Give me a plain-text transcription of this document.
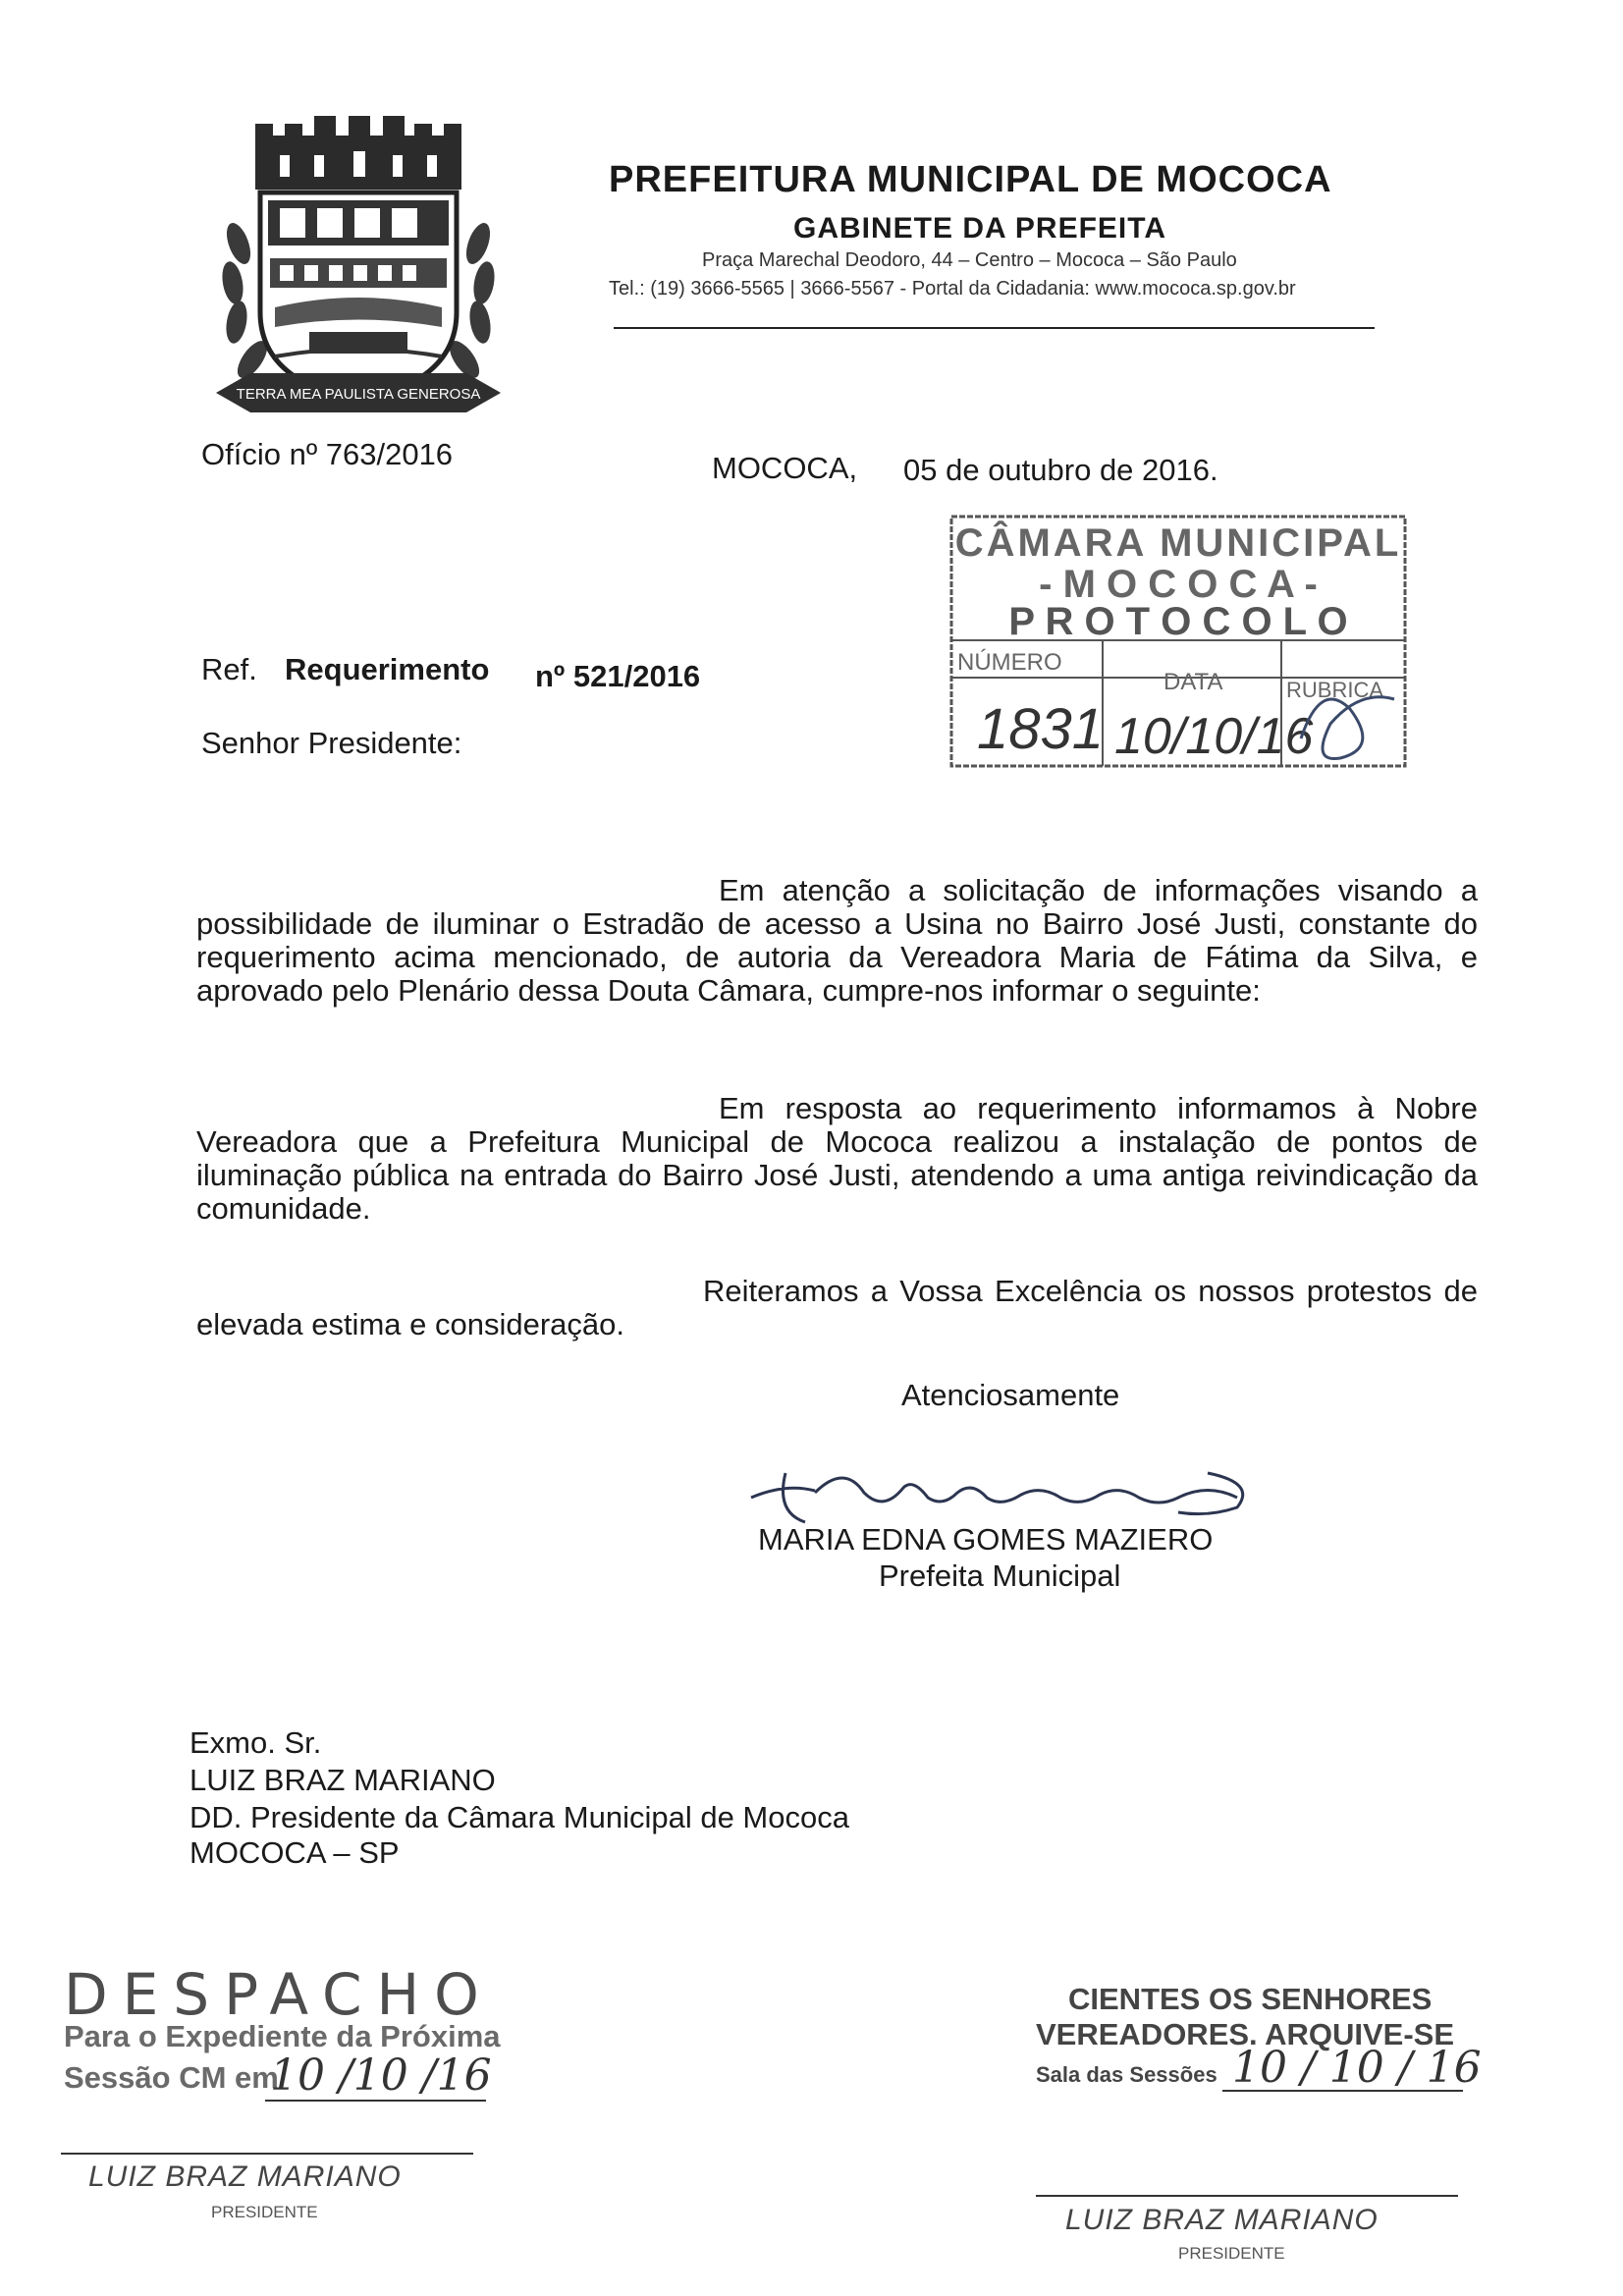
TERRA MEA PAULISTA GENEROSA
PREFEITURA MUNICIPAL DE MOCOCA
GABINETE DA PREFEITA
Praça Marechal Deodoro, 44 – Centro – Mococa – São Paulo
Tel.: (19) 3666-5565 | 3666-5567 - Portal da Cidadania: www.mococa.sp.gov.br
Ofício nº 763/2016	MOCOCA, 05 de outubro de 2016.
CÂMARA MUNICIPAL
- M O C O C A -
P R O T O C O L O
NÚMERO
DATA	RUBRICA
1831 10/10/16
Ref. Requerimento nº 521/2016
Senhor Presidente:
Em atenção a solicitação de informações visando a possibilidade de iluminar o Estradão de acesso a Usina no Bairro José Justi, constante do requerimento acima mencionado, de autoria da Vereadora Maria de Fátima da Silva, e aprovado pelo Plenário dessa Douta Câmara, cumpre-nos informar o seguinte:
Em resposta ao requerimento informamos à Nobre Vereadora que a Prefeitura Municipal de Mococa realizou a instalação de pontos de iluminação pública na entrada do Bairro José Justi, atendendo a uma antiga reivindicação da comunidade.
Reiteramos a Vossa Excelência os nossos protestos de elevada estima e consideração.
Atenciosamente
MARIA EDNA GOMES MAZIERO
Prefeita Municipal
Exmo. Sr.
LUIZ BRAZ MARIANO
DD. Presidente da Câmara Municipal de Mococa
MOCOCA – SP
DESPACHO
Para o Expediente da Próxima
Sessão CM em
10 /10 /16
LUIZ BRAZ MARIANO
PRESIDENTE
CIENTES OS SENHORES
VEREADORES. ARQUIVE-SE
Sala das Sessões 10 / 10 / 16
LUIZ BRAZ MARIANO
PRESIDENTE
